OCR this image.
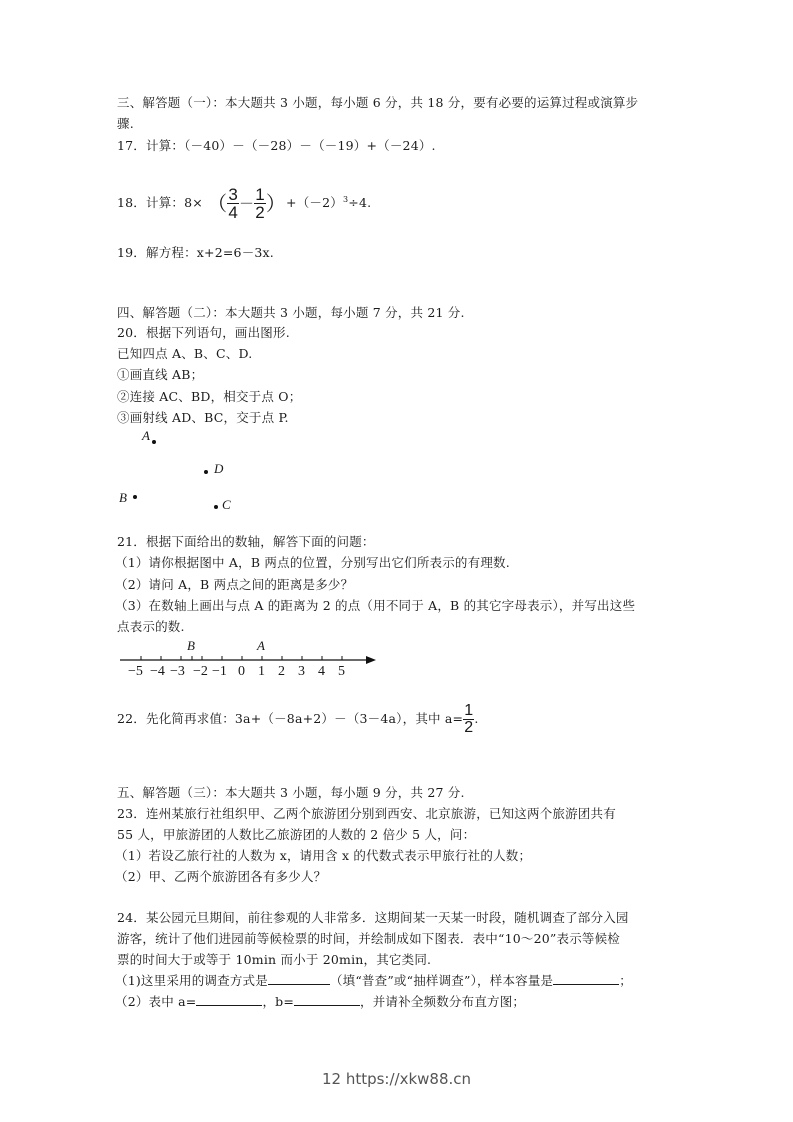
三、解答题（一）：本大题共 3 小题，每小题 6 分，共 18 分，要有必要的运算过程或演算步
骤.
17．计算：（－40）－（－28）－（－19）+（－24）.
18．计算：8× （ $\frac{3}{4} - \frac{1}{2} )+(-2)^3\div 4$.
19．解方程：x+2=6－3x.
四、解答题（二）：本大题共 3 小题，每小题 7 分，共 21 分.
20．根据下列语句，画出图形.
已知四点 A、B、C、D.
①画直线 AB；
②连接 AC、BD，相交于点 O；
③画射线 AD、BC，交于点 P.
A
D
B	C
21．根据下面给出的数轴，解答下面的问题：
（1）请你根据图中 A，B 两点的位置，分别写出它们所表示的有理数.
（2）请问 A，B 两点之间的距离是多少？
（3）在数轴上画出与点 A 的距离为 2 的点（用不同于 A，B 的其它字母表示），并写出这些
点表示的数.
B	A
−5 −4 −3 −2 −1 0 1 2 3 4 5
22．先化简再求值：3a+（－8a+2）－（3－4a），其中 $a= \frac{1}{2}$ .
五、解答题（三）：本大题共 3 小题，每小题 9 分，共 27 分.
23．连州某旅行社组织甲、乙两个旅游团分别到西安、北京旅游，已知这两个旅游团共有
55 人，甲旅游团的人数比乙旅游团的人数的 2 倍少 5 人，问：
（1）若设乙旅行社的人数为 x，请用含 x 的代数式表示甲旅行社的人数；
（2）甲、乙两个旅游团各有多少人？
24．某公园元旦期间，前往参观的人非常多．这期间某一天某一时段，随机调查了部分入园
游客，统计了他们进园前等候检票的时间，并绘制成如下图表．表中“10～20”表示等候检
票的时间大于或等于 10min 而小于 20min，其它类同.
（1)这里采用的调查方式是	（填“普查”或“抽样调查”），样本容量是	；
（2）表中 a=	，b=	，并请补全频数分布直方图；
12 https://xkw88.cn
